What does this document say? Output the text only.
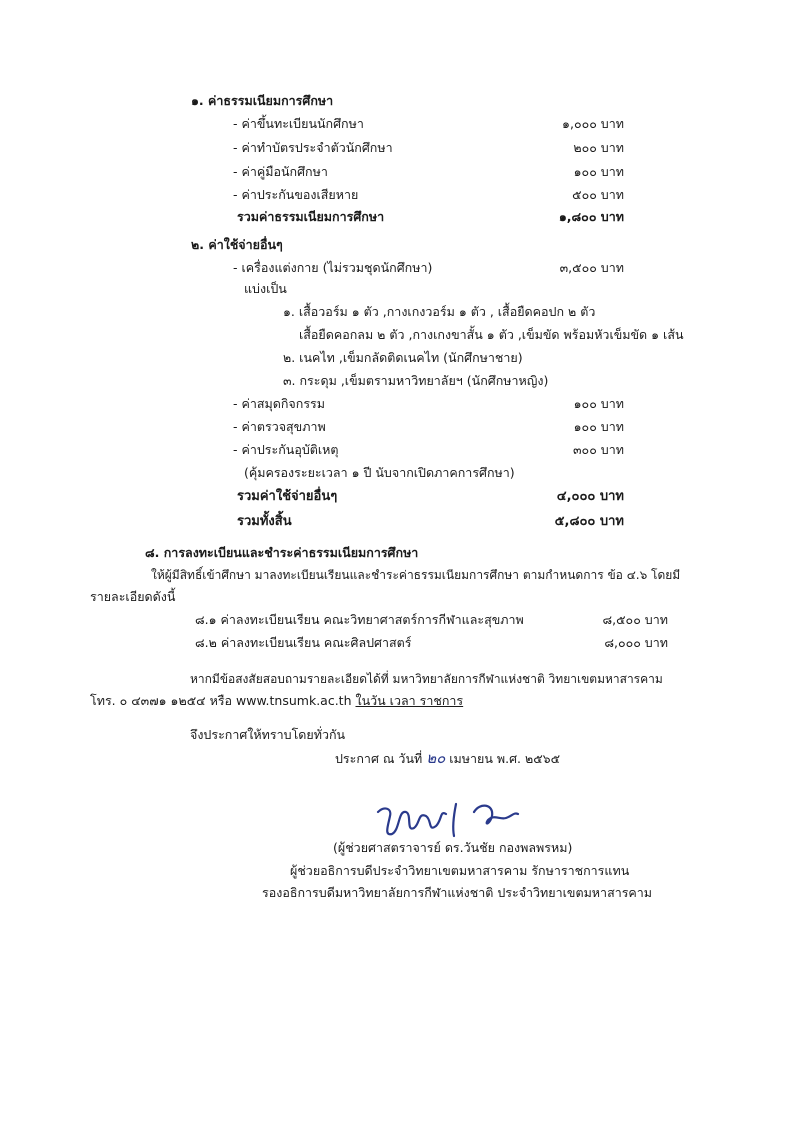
๑. ค่าธรรมเนียมการศึกษา
- ค่าขึ้นทะเบียนนักศึกษา	๑,๐๐๐ บาท
- ค่าทำบัตรประจำตัวนักศึกษา	๒๐๐ บาท
- ค่าคู่มือนักศึกษา	๑๐๐ บาท
- ค่าประกันของเสียหาย	๕๐๐ บาท
รวมค่าธรรมเนียมการศึกษา	๑,๘๐๐ บาท
๒. ค่าใช้จ่ายอื่นๆ
- เครื่องแต่งกาย (ไม่รวมชุดนักศึกษา)	๓,๕๐๐ บาท
แบ่งเป็น
๑. เสื้อวอร์ม ๑ ตัว ,กางเกงวอร์ม ๑ ตัว , เสื้อยืดคอปก ๒ ตัว
เสื้อยืดคอกลม ๒ ตัว ,กางเกงขาสั้น ๑ ตัว ,เข็มขัด พร้อมหัวเข็มขัด ๑ เส้น
๒. เนคไท ,เข็มกลัดติดเนคไท (นักศึกษาชาย)
๓. กระดุม ,เข็มตรามหาวิทยาลัยฯ (นักศึกษาหญิง)
- ค่าสมุดกิจกรรม	๑๐๐ บาท
- ค่าตรวจสุขภาพ	๑๐๐ บาท
- ค่าประกันอุบัติเหตุ	๓๐๐ บาท
(คุ้มครองระยะเวลา ๑ ปี นับจากเปิดภาคการศึกษา)
รวมค่าใช้จ่ายอื่นๆ	๔,๐๐๐ บาท
รวมทั้งสิ้น	๕,๘๐๐ บาท
๘. การลงทะเบียนและชำระค่าธรรมเนียมการศึกษา
ให้ผู้มีสิทธิ์เข้าศึกษา มาลงทะเบียนเรียนและชำระค่าธรรมเนียมการศึกษา ตามกำหนดการ ข้อ ๔.๖ โดยมี
รายละเอียดดังนี้
๘.๑ ค่าลงทะเบียนเรียน คณะวิทยาศาสตร์การกีฬาและสุขภาพ	๘,๕๐๐ บาท
๘.๒ ค่าลงทะเบียนเรียน คณะศิลปศาสตร์	๘,๐๐๐ บาท
หากมีข้อสงสัยสอบถามรายละเอียดได้ที่ มหาวิทยาลัยการกีฬาแห่งชาติ วิทยาเขตมหาสารคาม
โทร. ๐ ๔๓๗๑ ๑๒๕๔ หรือ www.tnsumk.ac.th ในวัน เวลา ราชการ
จึงประกาศให้ทราบโดยทั่วกัน
ประกาศ ณ วันที่ ๒๐ เมษายน พ.ศ. ๒๕๖๕
(ผู้ช่วยศาสตราจารย์ ดร.วันชัย กองพลพรหม)
ผู้ช่วยอธิการบดีประจำวิทยาเขตมหาสารคาม รักษาราชการแทน
รองอธิการบดีมหาวิทยาลัยการกีฬาแห่งชาติ ประจำวิทยาเขตมหาสารคาม
